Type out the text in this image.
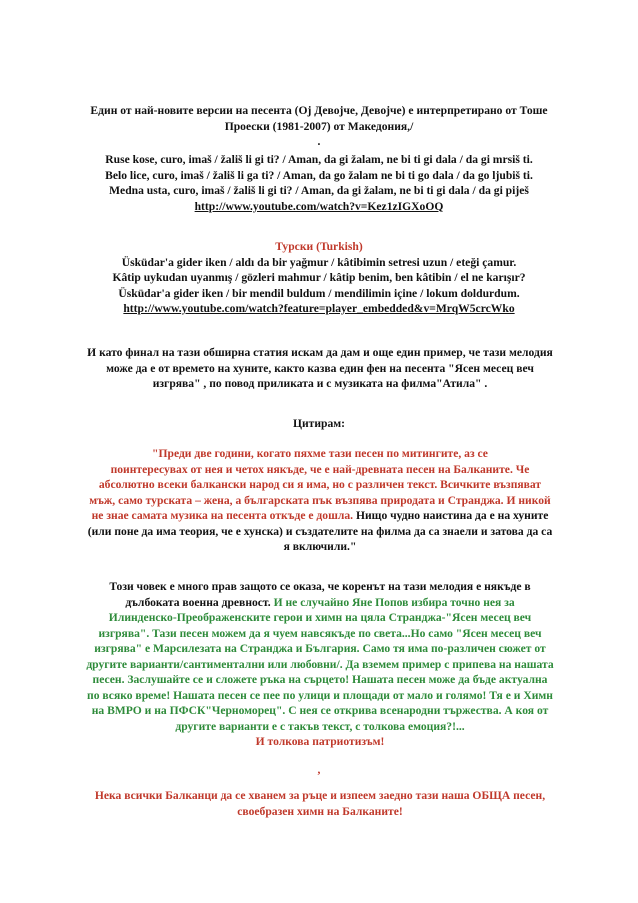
Един от най-новите версии на песента (Oj Девојче, Девојче) е интерпретирано от Тоше
Проески (1981-2007) от Македония,/
.
Ruse kose, curo, imaš / žališ li gi ti? / Aman, da gi žalam, ne bi ti gi dala / da gi mrsiš ti.
Belo lice, curo, imaš / žališ li ga ti? / Aman, da go žalam ne bi ti go dala / da go ljubiš ti.
Medna usta, curo, imaš / žališ li gi ti? / Aman, da gi žalam, ne bi ti gi dala / da gi piješ
http://www.youtube.com/watch?v=Kez1zIGXoOQ
Турски (Turkish)
Üsküdar'a gider iken / aldı da bir yağmur / kâtibimin setresi uzun / eteği çamur.
Kâtip uykudan uyanmış / gözleri mahmur / kâtip benim, ben kâtibin / el ne karışır?
Üsküdar'a gider iken / bir mendil buldum / mendilimin içine / lokum doldurdum.
http://www.youtube.com/watch?feature=player_embedded&v=MrqW5crcWko
И като финал на тази обширна статия искам да дам и още един пример, че тази мелодия
може да е от времето на хуните, както казва един фен на песента "Ясен месец веч
изгрява" , по повод приликата и с музиката на филма"Атила" .
Цитирам:
"Преди две години, когато пяхме тази песен по митингите, аз се
поинтересувах от нея и четох някъде, че е най-древната песен на Балканите. Че
абсолютно всеки балкански народ си я има, но с различен текст. Всичките възпяват
мъж, само турската – жена, а българската пък възпява природата и Странджа. И никой
не знае самата музика на песента откъде е дошла. Нищо чудно наистина да е на хуните
(или поне да има теория, че е хунска) и създателите на филма да са знаели и затова да са
я включили."
Този човек е много прав защото се оказа, че коренът на тази мелодия е някъде в
дълбоката военна древност. И не случайно Яне Попов избира точно нея за
Илинденско-Преображенските герои и химн на цяла Странджа-"Ясен месец веч
изгрява". Тази песен можем да я чуем навсякъде по света...Но само "Ясен месец веч
изгрява" е Марсилезата на Странджа и България. Само тя има по-различен сюжет от
другите варианти/сантиментални или любовни/. Да вземем пример с припева на нашата
песен. Заслушайте се и сложете ръка на сърцето! Нашата песен може да бъде актуална
по всяко време! Нашата песен се пее по улици и площади от мало и голямо! Тя е и Химн
на ВМРО и на ПФСК"Черноморец". С нея се открива всенародни тържества. А коя от
другите варианти е с такъв текст, с толкова емоция?!...
И толкова патриотизъм!
,
Нека всички Балканци да се хванем за ръце и изпеем заедно тази наша ОБЩА песен,
своебразен химн на Балканите!
